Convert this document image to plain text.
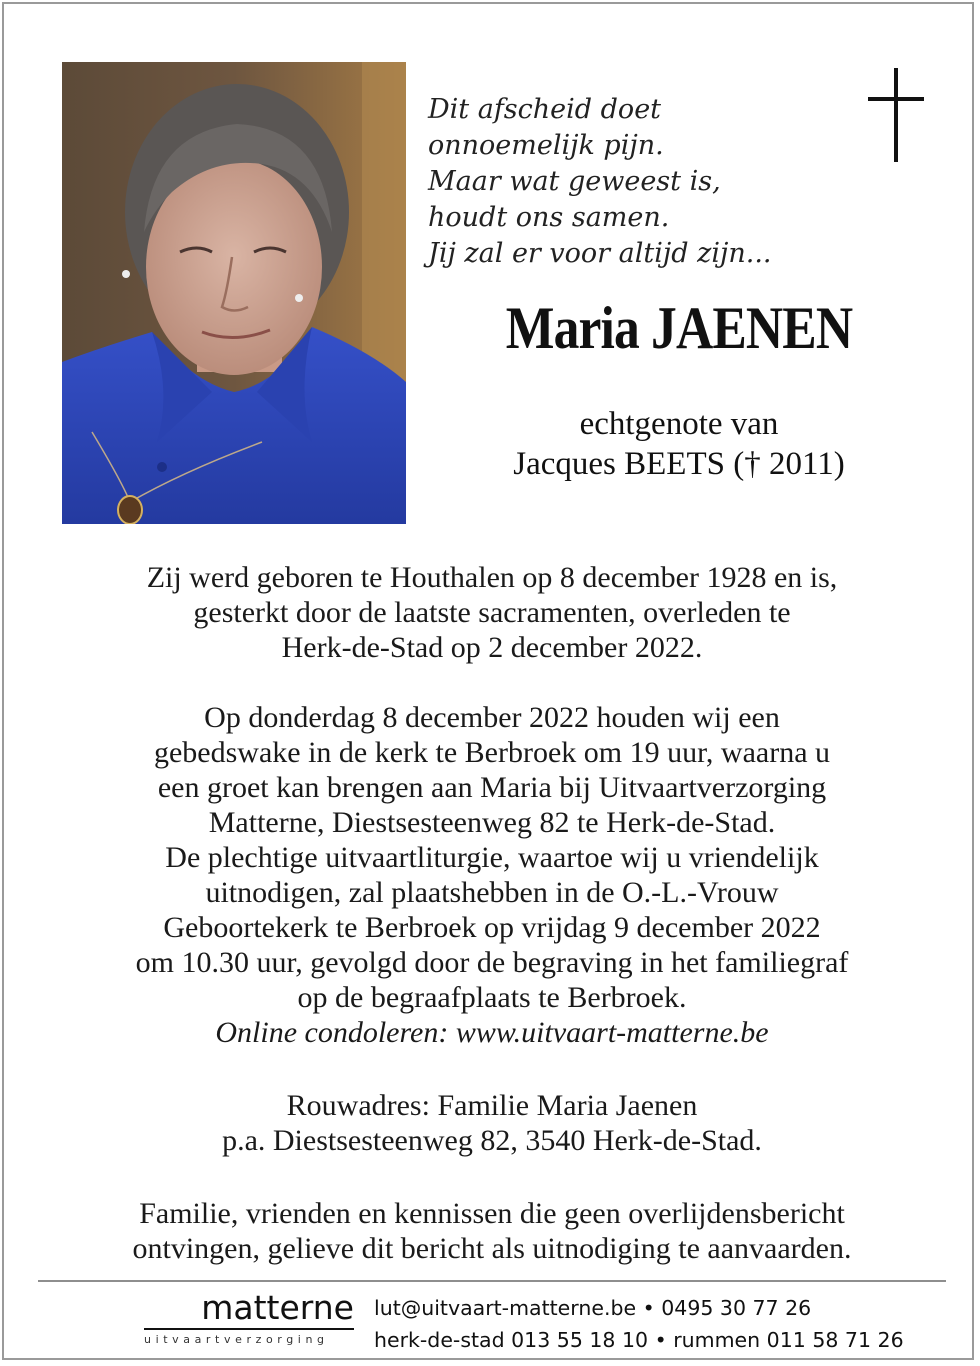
Dit afscheid doet
onnoemelijk pijn.
Maar wat geweest is,
houdt ons samen.
Jij zal er voor altijd zijn...
Maria JAENEN
echtgenote van
Jacques BEETS († 2011)
Zij werd geboren te Houthalen op 8 december 1928 en is,
gesterkt door de laatste sacramenten, overleden te
Herk-de-Stad op 2 december 2022.
Op donderdag 8 december 2022 houden wij een
gebedswake in de kerk te Berbroek om 19 uur, waarna u
een groet kan brengen aan Maria bij Uitvaartverzorging
Matterne, Diestsesteenweg 82 te Herk-de-Stad.
De plechtige uitvaartliturgie, waartoe wij u vriendelijk
uitnodigen, zal plaatshebben in de O.-L.-Vrouw
Geboortekerk te Berbroek op vrijdag 9 december 2022
om 10.30 uur, gevolgd door de begraving in het familiegraf
op de begraafplaats te Berbroek.
Online condoleren: www.uitvaart-matterne.be
Rouwadres: Familie Maria Jaenen
p.a. Diestsesteenweg 82, 3540 Herk-de-Stad.
Familie, vrienden en kennissen die geen overlijdensbericht
ontvingen, gelieve dit bericht als uitnodiging te aanvaarden.
matterne
uitvaartverzorging
lut@uitvaart-matterne.be • 0495 30 77 26
herk-de-stad 013 55 18 10 • rummen 011 58 71 26
